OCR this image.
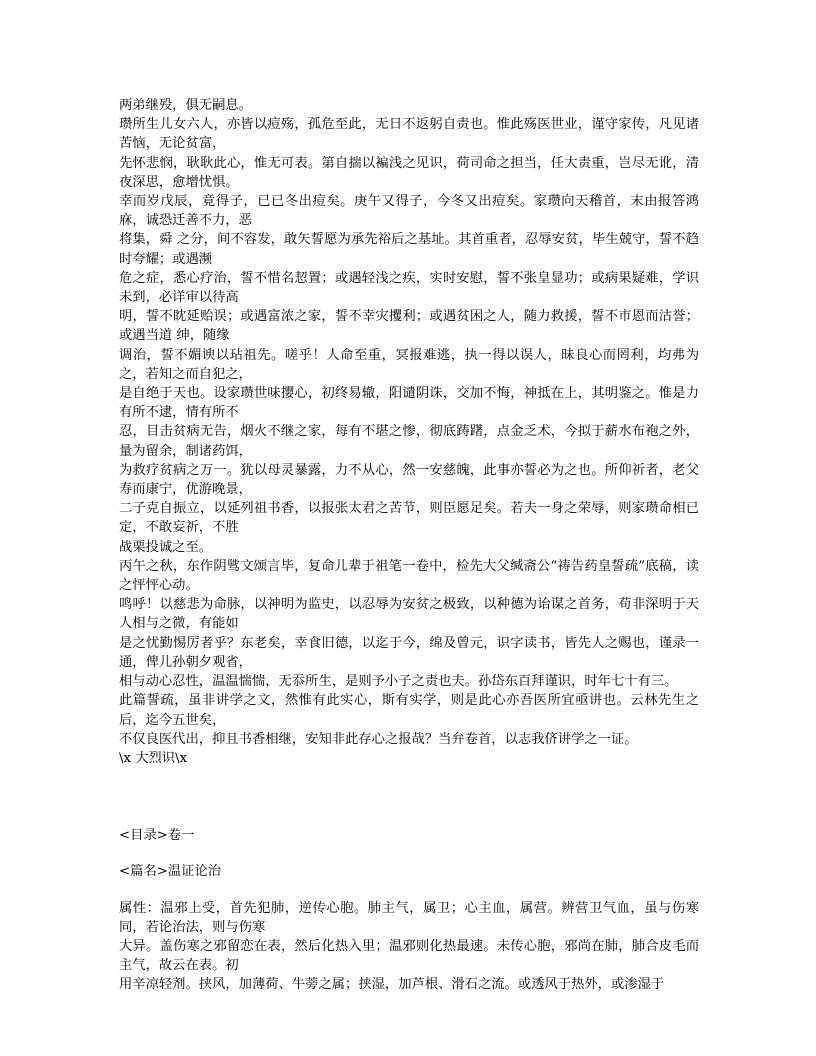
两弟继殁，俱无嗣息。

瓒所生儿女六人，亦皆以痘殇，孤危至此，无日不返躬自责也。惟此殇医世业，谨守家传，凡见诸苦恼，无论贫富，

先怀悲悯，耿耿此心，惟无可表。第自揣以褊浅之见识，荷司命之担当，任大责重，岂尽无讹，清夜深思，愈增忧惧。

幸而岁戊辰，竟得子，已已冬出痘矣。庚午又得子，今冬又出痘矣。家瓒向天稽首，末由报答鸿庥，诚恐迁善不力，恶

将集，舜 之分，间不容发，敢矢誓愿为承先裕后之基址。其首重者，忍辱安贫，毕生兢守，誓不趋时夸耀；或遇濒

危之症，悉心疗治，誓不惜名恝置；或遇轻浅之疾，实时安慰，誓不张皇显功；或病果疑难，学识未到，必详审以待高

明，誓不眈延贻误；或遇富浓之家，誓不幸灾攫利；或遇贫困之人，随力救援，誓不市恩而沽誉；或遇当道 绅，随缘

调治，誓不媚谀以玷祖先。嗟乎！人命至重，冥报难逃，执一得以误人，昧良心而罔利，均弗为之，若知之而自犯之，

是自绝于天也。设家瓒世味撄心，初终易辙，阳谴阴诛，交加不悔，神抵在上，其明鉴之。惟是力有所不逮，情有所不

忍，目击贫病无告，烟火不继之家，每有不堪之惨，彻底踌躇，点金乏术，今拟于薪水布袍之外，量为留余，制诸药饵，

为救疗贫病之万一。犹以母灵暴露，力不从心，然一安慈魄，此事亦誓必为之也。所仰祈者，老父寿而康宁，优游晚景，

二子克自振立，以延列祖书香，以报张太君之苦节，则臣愿足矣。若夫一身之荣辱，则家瓒命相已定，不敢妄祈，不胜

战栗投诚之至。

丙午之秋，东作阴骘文颂言毕，复命儿辈于祖笔一卷中，检先大父缄斋公“祷告药皇誓疏”底稿，读之怦怦心动。

鸣呼！以慈悲为命脉，以神明为监史，以忍辱为安贫之极致，以种德为诒谋之首务，苟非深明于天人相与之微，有能如

是之忧勤惕厉者乎？东老矣，幸食旧德，以迄于今，绵及曾元，识字读书，皆先人之赐也，谨录一通，俾儿孙朝夕观省，

相与动心忍性，温温惴惴，无忝所生，是则予小子之责也夫。孙岱东百拜谨识，时年七十有三。

此篇誓疏，虽非讲学之文，然惟有此实心，斯有实学，则是此心亦吾医所宜亟讲也。云林先生之后，迄今五世矣，

不仅良医代出，抑且书香相继，安知非此存心之报哉？当弁卷首，以志我侪讲学之一证。

\x 大烈识\x

<目录>卷一

<篇名>温证论治

属性：温邪上受，首先犯肺，逆传心胞。肺主气，属卫；心主血，属营。辨营卫气血，虽与伤寒同，若论治法，则与伤寒

大异。盖伤寒之邪留恋在表，然后化热入里；温邪则化热最速。未传心胞，邪尚在肺，肺合皮毛而主气，故云在表。初

用辛凉轻剂。挟风，加薄荷、牛蒡之属；挟湿，加芦根、滑石之流。或透风于热外，或渗湿于
